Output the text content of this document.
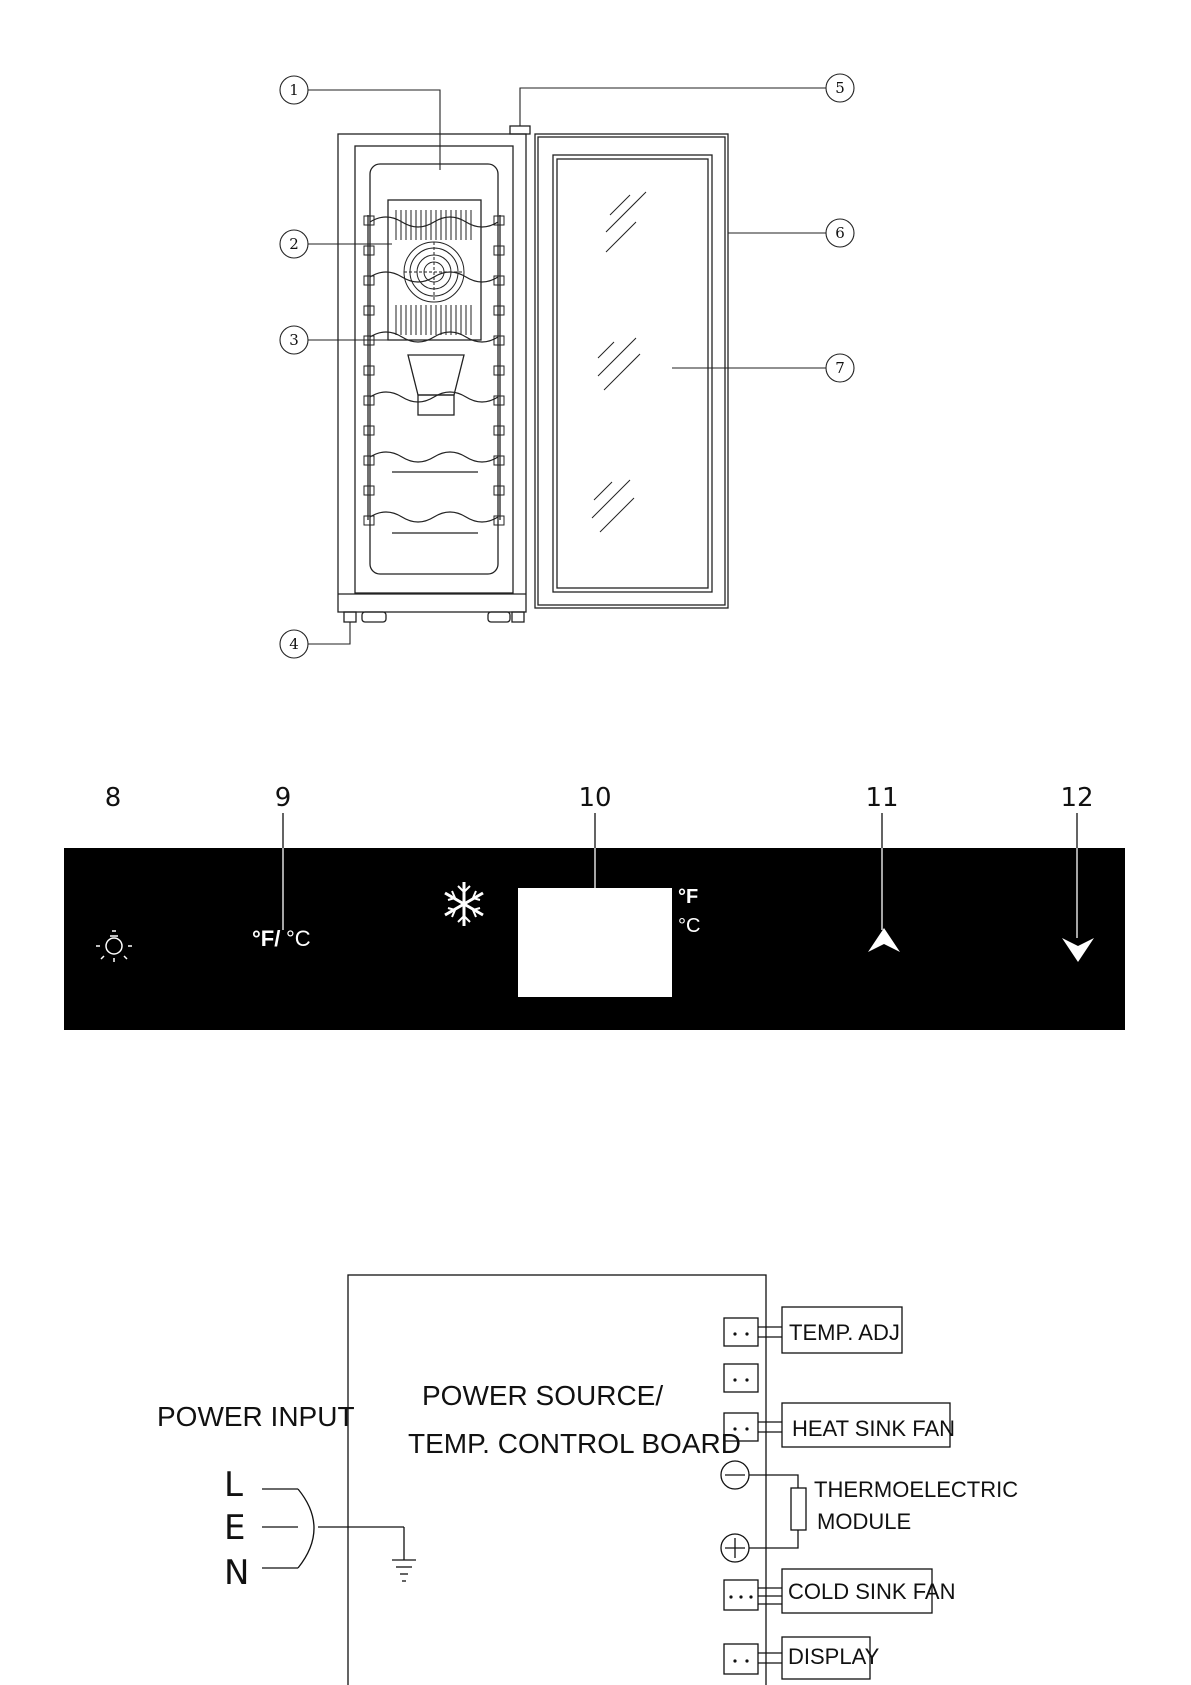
1
2
3
4
5
6
7
8	9	10	11	12
°F/ °C
°F
°C
POWER INPUT
POWER SOURCE/
TEMP. CONTROL BOARD
L
E
N
TEMP. ADJ
HEAT SINK FAN
THERMOELECTRIC
MODULE
COLD SINK FAN
DISPLAY
